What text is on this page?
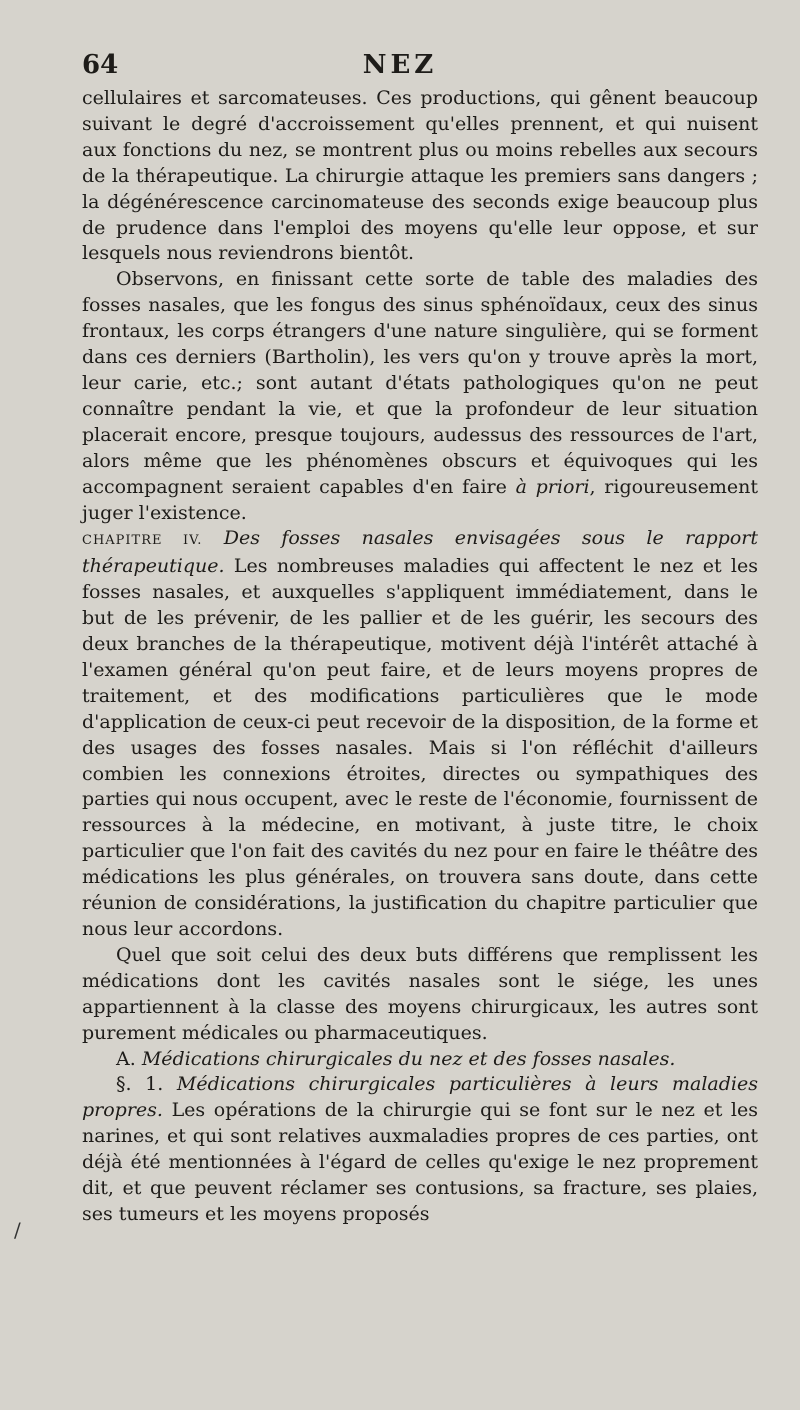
64	NEZ

cellulaires et sarcomateuses. Ces productions, qui gênent beaucoup suivant le degré d'accroissement qu'elles prennent, et qui nuisent aux fonctions du nez, se montrent plus ou moins rebelles aux secours de la thérapeutique. La chirurgie attaque les premiers sans dangers ; la dégénérescence carcinomateuse des seconds exige beaucoup plus de prudence dans l'emploi des moyens qu'elle leur oppose, et sur lesquels nous reviendrons bientôt.

Observons, en finissant cette sorte de table des maladies des fosses nasales, que les fongus des sinus sphénoïdaux, ceux des sinus frontaux, les corps étrangers d'une nature singulière, qui se forment dans ces derniers (Bartholin), les vers qu'on y trouve après la mort, leur carie, etc.; sont autant d'états pathologiques qu'on ne peut connaître pendant la vie, et que la profondeur de leur situation placerait encore, presque toujours, audessus des ressources de l'art, alors même que les phénomènes obscurs et équivoques qui les accompagnent seraient capables d'en faire à priori, rigoureusement juger l'existence.

CHAPITRE IV. Des fosses nasales envisagées sous le rapport thérapeutique. Les nombreuses maladies qui affectent le nez et les fosses nasales, et auxquelles s'appliquent immédiatement, dans le but de les prévenir, de les pallier et de les guérir, les secours des deux branches de la thérapeutique, motivent déjà l'intérêt attaché à l'examen général qu'on peut faire, et de leurs moyens propres de traitement, et des modifications particulières que le mode d'application de ceux-ci peut recevoir de la disposition, de la forme et des usages des fosses nasales. Mais si l'on réfléchit d'ailleurs combien les connexions étroites, directes ou sympathiques des parties qui nous occupent, avec le reste de l'économie, fournissent de ressources à la médecine, en motivant, à juste titre, le choix particulier que l'on fait des cavités du nez pour en faire le théâtre des médications les plus générales, on trouvera sans doute, dans cette réunion de considérations, la justification du chapitre particulier que nous leur accordons.

Quel que soit celui des deux buts différens que remplissent les médications dont les cavités nasales sont le siége, les unes appartiennent à la classe des moyens chirurgicaux, les autres sont purement médicales ou pharmaceutiques.

A. Médications chirurgicales du nez et des fosses nasales.

§. 1. Médications chirurgicales particulières à leurs maladies propres. Les opérations de la chirurgie qui se font sur le nez et les narines, et qui sont relatives auxmaladies propres de ces parties, ont déjà été mentionnées à l'égard de celles qu'exige le nez proprement dit, et que peuvent réclamer ses contusions, sa fracture, ses plaies, ses tumeurs et les moyens proposés

/
